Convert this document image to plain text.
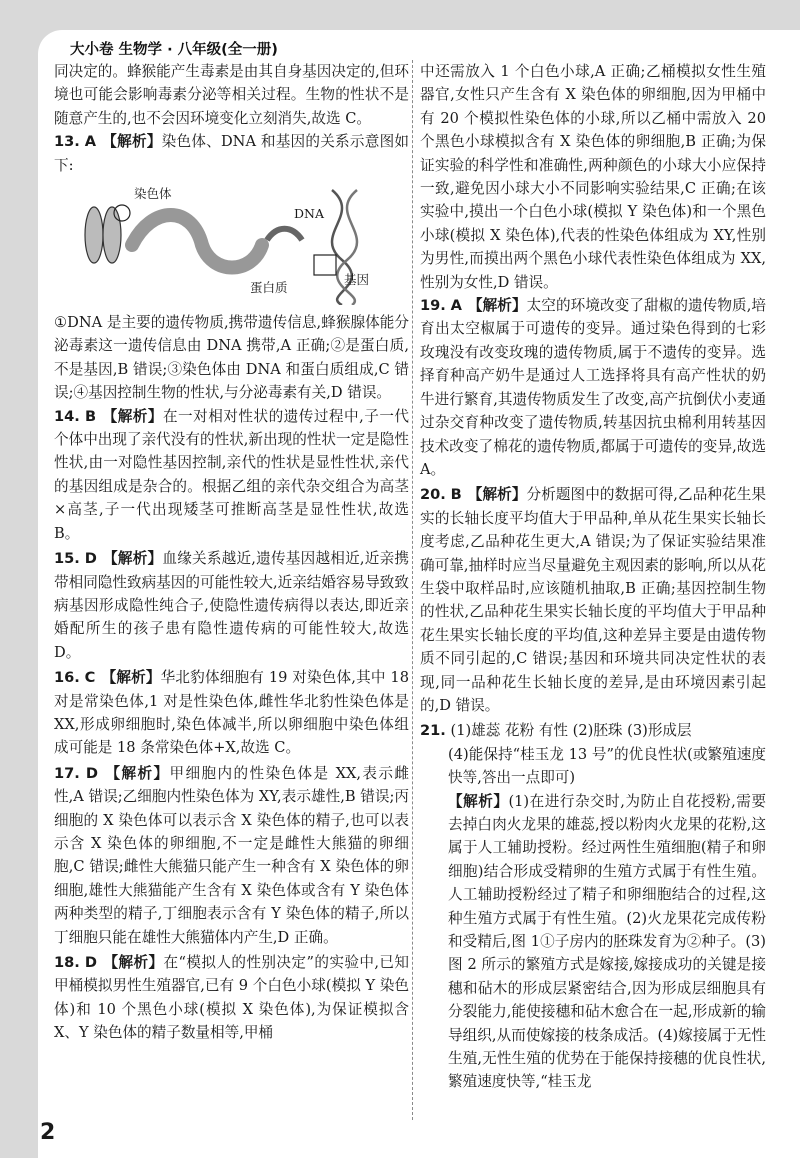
大小卷 生物学 · 八年级(全一册)

同决定的。蜂猴能产生毒素是由其自身基因决定的,但环境也可能会影响毒素分泌等相关过程。生物的性状不是随意产生的,也不会因环境变化立刻消失,故选 C。

13. A 【解析】染色体、DNA 和基因的关系示意图如下:

染色体
DNA
蛋白质
基因

①DNA 是主要的遗传物质,携带遗传信息,蜂猴腺体能分泌毒素这一遗传信息由 DNA 携带,A 正确;②是蛋白质,不是基因,B 错误;③染色体由 DNA 和蛋白质组成,C 错误;④基因控制生物的性状,与分泌毒素有关,D 错误。

14. B 【解析】在一对相对性状的遗传过程中,子一代个体中出现了亲代没有的性状,新出现的性状一定是隐性性状,由一对隐性基因控制,亲代的性状是显性性状,亲代的基因组成是杂合的。根据乙组的亲代杂交组合为高茎×高茎,子一代出现矮茎可推断高茎是显性性状,故选 B。

15. D 【解析】血缘关系越近,遗传基因越相近,近亲携带相同隐性致病基因的可能性较大,近亲结婚容易导致致病基因形成隐性纯合子,使隐性遗传病得以表达,即近亲婚配所生的孩子患有隐性遗传病的可能性较大,故选 D。

16. C 【解析】华北豹体细胞有 19 对染色体,其中 18 对是常染色体,1 对是性染色体,雌性华北豹性染色体是 XX,形成卵细胞时,染色体减半,所以卵细胞中染色体组成可能是 18 条常染色体+X,故选 C。

17. D 【解析】甲细胞内的性染色体是 XX,表示雌性,A 错误;乙细胞内性染色体为 XY,表示雄性,B 错误;丙细胞的 X 染色体可以表示含 X 染色体的精子,也可以表示含 X 染色体的卵细胞,不一定是雌性大熊猫的卵细胞,C 错误;雌性大熊猫只能产生一种含有 X 染色体的卵细胞,雄性大熊猫能产生含有 X 染色体或含有 Y 染色体两种类型的精子,丁细胞表示含有 Y 染色体的精子,所以丁细胞只能在雄性大熊猫体内产生,D 正确。

18. D 【解析】在“模拟人的性别决定”的实验中,已知甲桶模拟男性生殖器官,已有 9 个白色小球(模拟 Y 染色体)和 10 个黑色小球(模拟 X 染色体),为保证模拟含 X、Y 染色体的精子数量相等,甲桶

中还需放入 1 个白色小球,A 正确;乙桶模拟女性生殖器官,女性只产生含有 X 染色体的卵细胞,因为甲桶中有 20 个模拟性染色体的小球,所以乙桶中需放入 20 个黑色小球模拟含有 X 染色体的卵细胞,B 正确;为保证实验的科学性和准确性,两种颜色的小球大小应保持一致,避免因小球大小不同影响实验结果,C 正确;在该实验中,摸出一个白色小球(模拟 Y 染色体)和一个黑色小球(模拟 X 染色体),代表的性染色体组成为 XY,性别为男性,而摸出两个黑色小球代表性染色体组成为 XX,性别为女性,D 错误。

19. A 【解析】太空的环境改变了甜椒的遗传物质,培育出太空椒属于可遗传的变异。通过染色得到的七彩玫瑰没有改变玫瑰的遗传物质,属于不遗传的变异。选择育种高产奶牛是通过人工选择将具有高产性状的奶牛进行繁育,其遗传物质发生了改变,高产抗倒伏小麦通过杂交育种改变了遗传物质,转基因抗虫棉利用转基因技术改变了棉花的遗传物质,都属于可遗传的变异,故选 A。

20. B 【解析】分析题图中的数据可得,乙品种花生果实的长轴长度平均值大于甲品种,单从花生果实长轴长度考虑,乙品种花生更大,A 错误;为了保证实验结果准确可靠,抽样时应当尽量避免主观因素的影响,所以从花生袋中取样品时,应该随机抽取,B 正确;基因控制生物的性状,乙品种花生果实长轴长度的平均值大于甲品种花生果实长轴长度的平均值,这种差异主要是由遗传物质不同引起的,C 错误;基因和环境共同决定性状的表现,同一品种花生长轴长度的差异,是由环境因素引起的,D 错误。

21. (1)雄蕊 花粉 有性 (2)胚珠 (3)形成层
(4)能保持“桂玉龙 13 号”的优良性状(或繁殖速度快等,答出一点即可)
【解析】(1)在进行杂交时,为防止自花授粉,需要去掉白肉火龙果的雄蕊,授以粉肉火龙果的花粉,这属于人工辅助授粉。经过两性生殖细胞(精子和卵细胞)结合形成受精卵的生殖方式属于有性生殖。人工辅助授粉经过了精子和卵细胞结合的过程,这种生殖方式属于有性生殖。(2)火龙果花完成传粉和受精后,图 1①子房内的胚珠发育为②种子。(3)图 2 所示的繁殖方式是嫁接,嫁接成功的关键是接穗和砧木的形成层紧密结合,因为形成层细胞具有分裂能力,能使接穗和砧木愈合在一起,形成新的输导组织,从而使嫁接的枝条成活。(4)嫁接属于无性生殖,无性生殖的优势在于能保持接穗的优良性状,繁殖速度快等,“桂玉龙

2
